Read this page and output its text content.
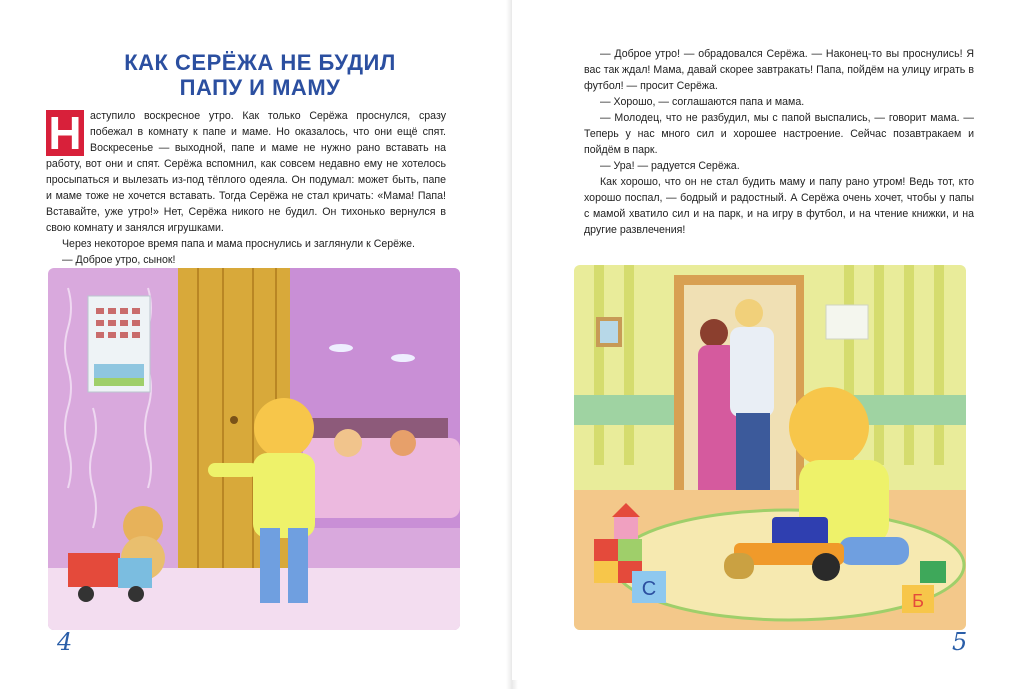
КАК СЕРЁЖА НЕ БУДИЛ
ПАПУ И МАМУ

Н аступило воскресное утро. Как только Серёжа проснулся, сразу побежал в комнату к папе и маме. Но оказалось, что они ещё спят. Воскресенье — выходной, папе и маме не нужно рано вставать на работу, вот они и спят. Серёжа вспомнил, как совсем недавно ему не хотелось просыпаться и вылезать из-под тёплого одеяла. Он подумал: может быть, папе и маме тоже не хочется вставать. Тогда Серёжа не стал кричать: «Мама! Папа! Вставайте, уже утро!» Нет, Серёжа никого не будил. Он тихонько вернулся в свою комнату и занялся игрушками.

Через некоторое время папа и мама проснулись и заглянули к Серёже.

— Доброе утро, сынок!

4

— Доброе утро! — обрадовался Серёжа. — Наконец-то вы проснулись! Я вас так ждал! Мама, давай скорее завтракать! Папа, пойдём на улицу играть в футбол! — просит Серёжа.

— Хорошо, — соглашаются папа и мама.

— Молодец, что не разбудил, мы с папой выспались, — говорит мама. — Теперь у нас много сил и хорошее настроение. Сейчас позавтракаем и пойдём в парк.

— Ура! — радуется Серёжа.

Как хорошо, что он не стал будить маму и папу рано утром! Ведь тот, кто хорошо поспал, — бодрый и радостный. А Серёжа очень хочет, чтобы у папы с мамой хватило сил и на парк, и на игру в футбол, и на чтение книжки, и на другие развлечения!

С
Б
5
